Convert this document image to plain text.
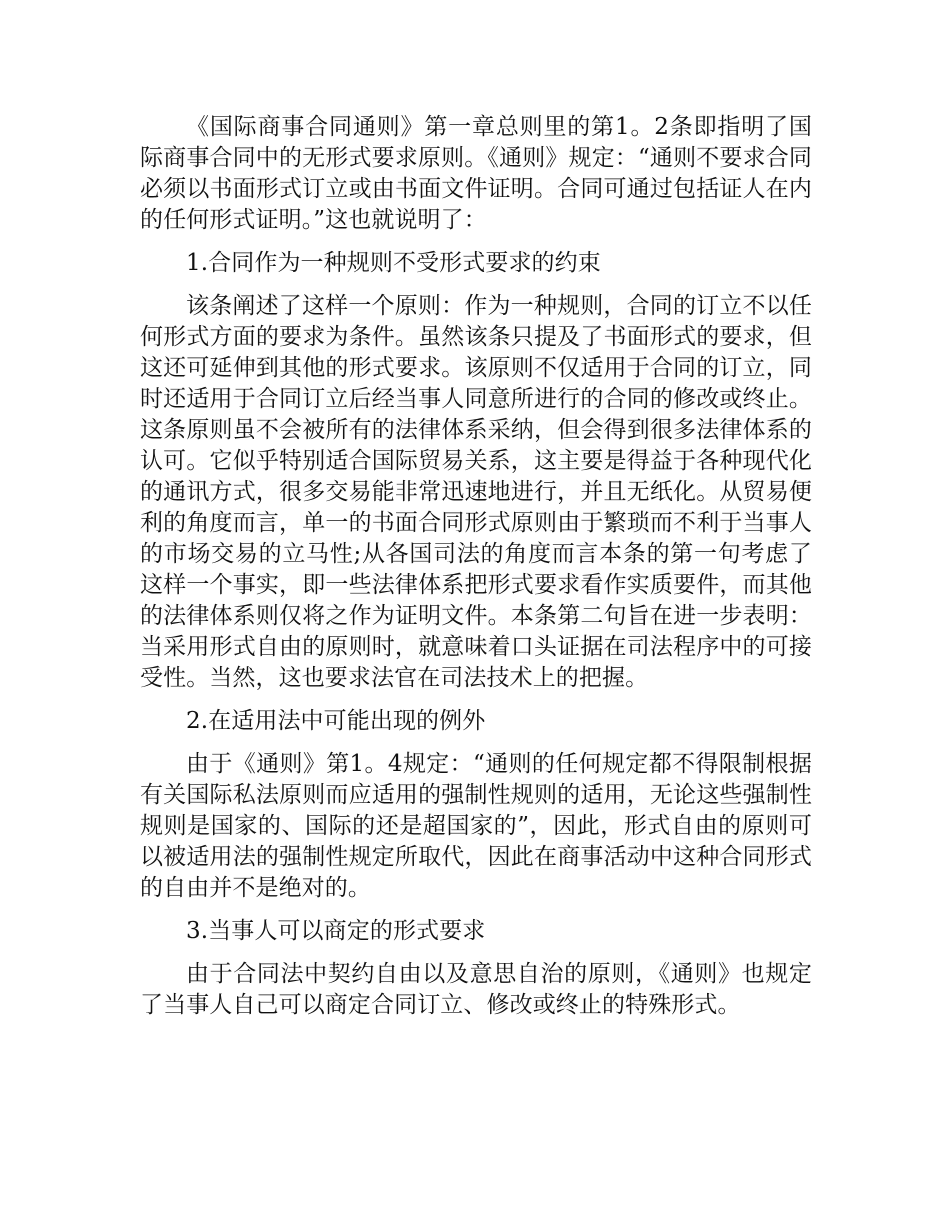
《国际商事合同通则》第一章总则里的第1。2条即指明了国际商事合同中的无形式要求原则。《通则》规定：“通则不要求合同必须以书面形式订立或由书面文件证明。合同可通过包括证人在内的任何形式证明。”这也就说明了：

1.合同作为一种规则不受形式要求的约束

该条阐述了这样一个原则：作为一种规则，合同的订立不以任何形式方面的要求为条件。虽然该条只提及了书面形式的要求，但这还可延伸到其他的形式要求。该原则不仅适用于合同的订立，同时还适用于合同订立后经当事人同意所进行的合同的修改或终止。这条原则虽不会被所有的法律体系采纳，但会得到很多法律体系的认可。它似乎特别适合国际贸易关系，这主要是得益于各种现代化的通讯方式，很多交易能非常迅速地进行，并且无纸化。从贸易便利的角度而言，单一的书面合同形式原则由于繁琐而不利于当事人的市场交易的立马性;从各国司法的角度而言本条的第一句考虑了这样一个事实，即一些法律体系把形式要求看作实质要件，而其他的法律体系则仅将之作为证明文件。本条第二句旨在进一步表明：当采用形式自由的原则时，就意味着口头证据在司法程序中的可接受性。当然，这也要求法官在司法技术上的把握。

2.在适用法中可能出现的例外

由于《通则》第1。4规定：“通则的任何规定都不得限制根据有关国际私法原则而应适用的强制性规则的适用，无论这些强制性规则是国家的、国际的还是超国家的”，因此，形式自由的原则可以被适用法的强制性规定所取代，因此在商事活动中这种合同形式的自由并不是绝对的。

3.当事人可以商定的形式要求

由于合同法中契约自由以及意思自治的原则，《通则》也规定了当事人自己可以商定合同订立、修改或终止的特殊形式。
